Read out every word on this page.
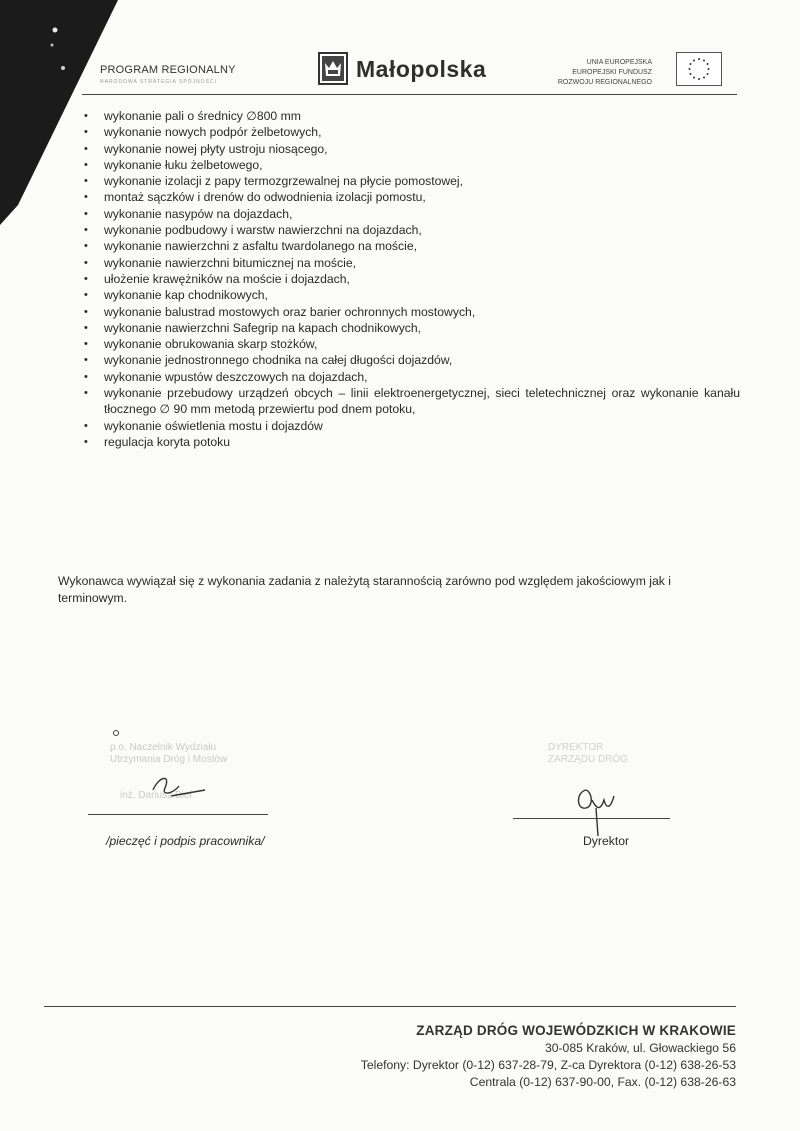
PROGRAM REGIONALNY
NARODOWA STRATEGIA SPÓJNOŚCI	Małopolska	UNIA EUROPEJSKA
EUROPEJSKI FUNDUSZ
ROZWOJU REGIONALNEGO
• wykonanie pali o średnicy ∅800 mm
• wykonanie nowych podpór żelbetowych,
• wykonanie nowej płyty ustroju niosącego,
• wykonanie łuku żelbetowego,
• wykonanie izolacji z papy termozgrzewalnej na płycie pomostowej,
• montaż sączków i drenów do odwodnienia izolacji pomostu,
• wykonanie nasypów na dojazdach,
• wykonanie podbudowy i warstw nawierzchni na dojazdach,
• wykonanie nawierzchni z asfaltu twardolanego na moście,
• wykonanie nawierzchni bitumicznej na moście,
• ułożenie krawężników na moście i dojazdach,
• wykonanie kap chodnikowych,
• wykonanie balustrad mostowych oraz barier ochronnych mostowych,
• wykonanie nawierzchni Safegrip na kapach chodnikowych,
• wykonanie obrukowania skarp stożków,
• wykonanie jednostronnego chodnika na całej długości dojazdów,
• wykonanie wpustów deszczowych na dojazdach,
• wykonanie przebudowy urządzeń obcych – linii elektroenergetycznej, sieci teletechnicznej oraz wykonanie kanału tłocznego ∅ 90 mm metodą przewiertu pod dnem potoku,
• wykonanie oświetlenia mostu i dojazdów
• regulacja koryta potoku
Wykonawca wywiązał się z wykonania zadania z należytą starannością zarówno pod względem jakościowym jak i terminowym.
p.o. Naczelnik Wydziału
Utrzymania Dróg i Mostów

inż. Dariusz Biel
/pieczęć i podpis pracownika/
DYREKTOR
ZARZĄDU DRÓG
Dyrektor
ZARZĄD DRÓG WOJEWÓDZKICH W KRAKOWIE
30-085 Kraków, ul. Głowackiego 56
Telefony: Dyrektor (0-12) 637-28-79, Z-ca Dyrektora (0-12) 638-26-53
Centrala (0-12) 637-90-00, Fax. (0-12) 638-26-63
